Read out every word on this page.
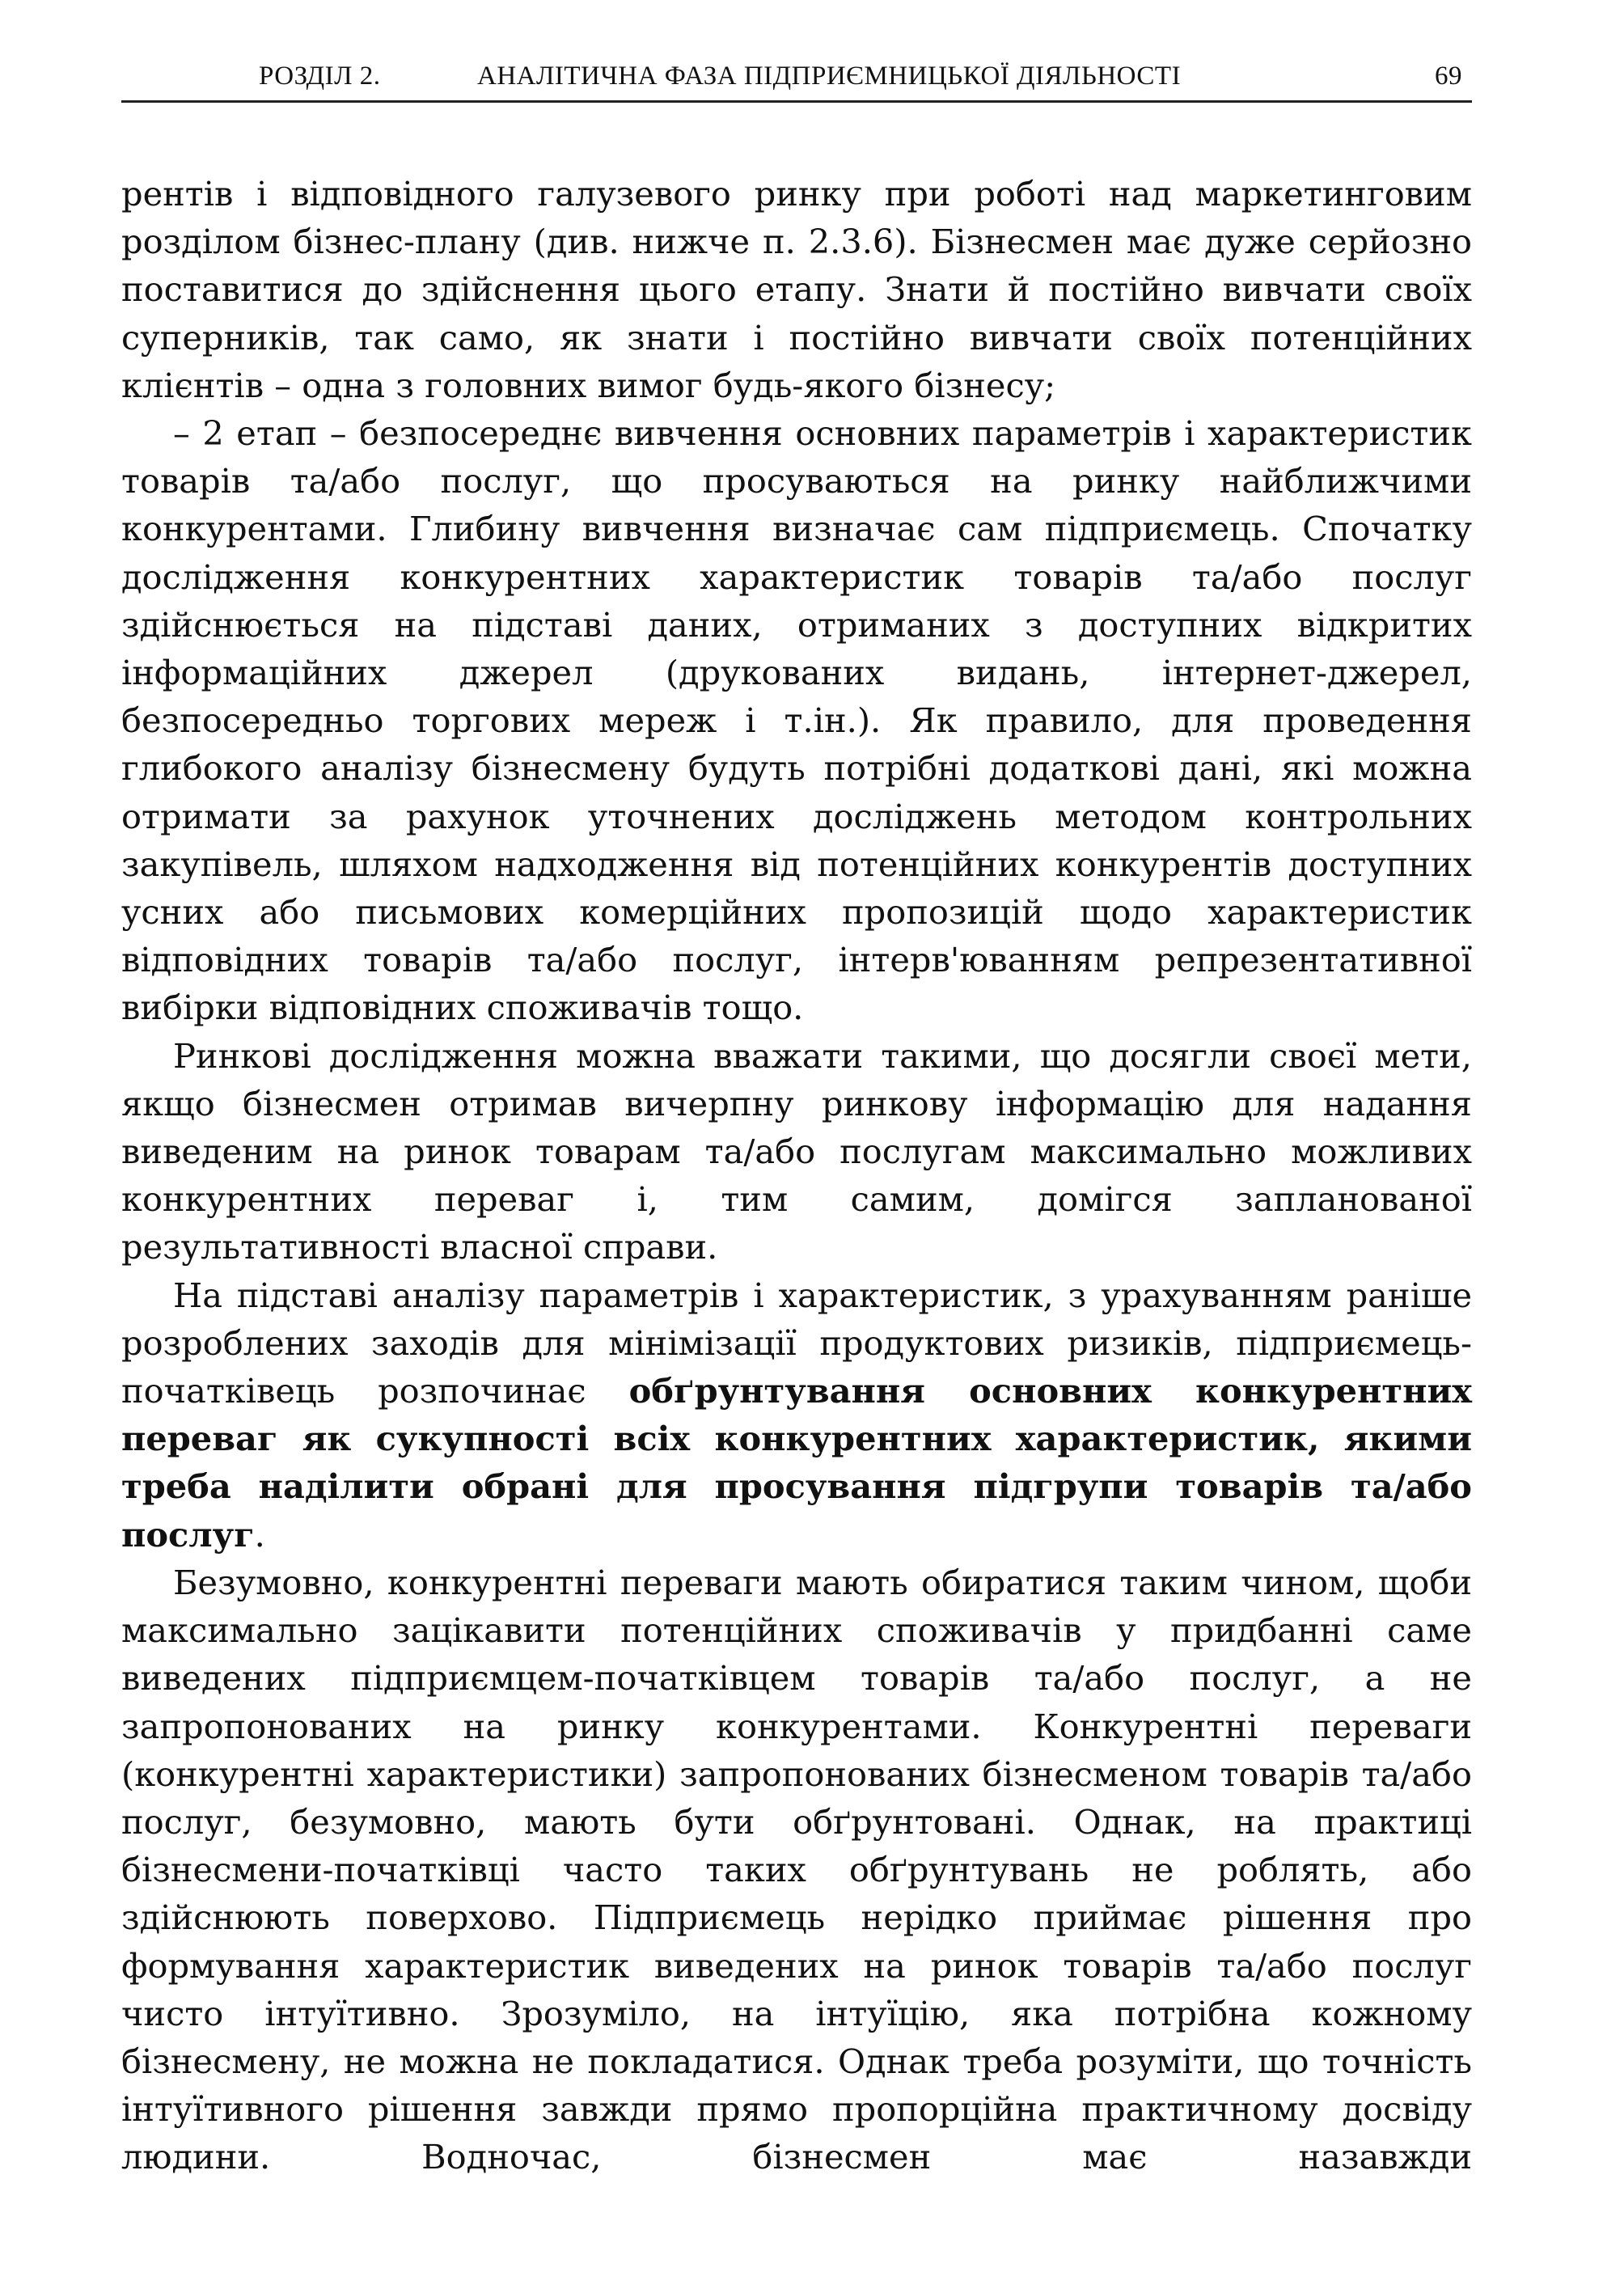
РОЗДІЛ 2.	АНАЛІТИЧНА ФАЗА ПІДПРИЄМНИЦЬКОЇ ДІЯЛЬНОСТІ	69

рентів і відповідного галузевого ринку при роботі над маркетинговим розділом бізнес-плану (див. нижче п. 2.3.6). Бізнесмен має дуже серйозно поставитися до здійснення цього етапу. Знати й постійно вивчати своїх суперників, так само, як знати і постійно вивчати своїх потенційних клієнтів – одна з головних вимог будь-якого бізнесу;

– 2 етап – безпосереднє вивчення основних параметрів і характеристик товарів та/або послуг, що просуваються на ринку найближчими конкурентами. Глибину вивчення визначає сам підприємець. Спочатку дослідження конкурентних характеристик товарів та/або послуг здійснюється на підставі даних, отриманих з доступних відкритих інформаційних джерел (друкованих видань, інтернет-джерел, безпосередньо торгових мереж і т.ін.). Як правило, для проведення глибокого аналізу бізнесмену будуть потрібні додаткові дані, які можна отримати за рахунок уточнених досліджень методом контрольних закупівель, шляхом надходження від потенційних конкурентів доступних усних або письмових комерційних пропозицій щодо характеристик відповідних товарів та/або послуг, інтерв'юванням репрезентативної вибірки відповідних споживачів тощо.

Ринкові дослідження можна вважати такими, що досягли своєї мети, якщо бізнесмен отримав вичерпну ринкову інформацію для надання виведеним на ринок товарам та/або послугам максимально можливих конкурентних переваг і, тим самим, домігся запланованої результативності власної справи.

На підставі аналізу параметрів і характеристик, з урахуванням раніше розроблених заходів для мінімізації продуктових ризиків, підприємець-початківець розпочинає обґрунтування основних конкурентних переваг як сукупності всіх конкурентних характеристик, якими треба наділити обрані для просування підгрупи товарів та/або послуг.

Безумовно, конкурентні переваги мають обиратися таким чином, щоби максимально зацікавити потенційних споживачів у придбанні саме виведених підприємцем-початківцем товарів та/або послуг, а не запропонованих на ринку конкурентами. Конкурентні переваги (конкурентні характеристики) запропонованих бізнесменом товарів та/або послуг, безумовно, мають бути обґрунтовані. Однак, на практиці бізнесмени-початківці часто таких обґрунтувань не роблять, або здійснюють поверхово. Підприємець нерідко приймає рішення про формування характеристик виведених на ринок товарів та/або послуг чисто інтуїтивно. Зрозуміло, на інтуїцію, яка потрібна кожному бізнесмену, не можна не покладатися. Однак треба розуміти, що точність інтуїтивного рішення завжди прямо пропорційна практичному досвіду людини. Водночас, бізнесмен має назавжди
